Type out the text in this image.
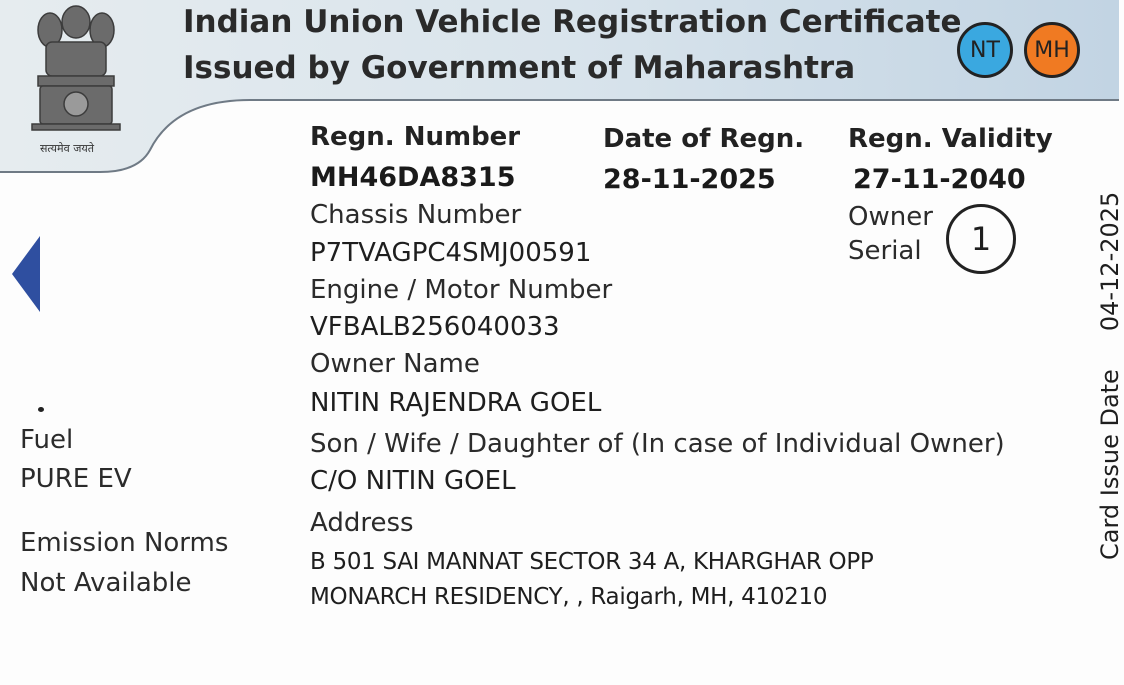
सत्यमेव जयते
Indian Union Vehicle Registration Certificate
Issued by Government of Maharashtra	NT	MH
Regn. Number
MH46DA8315
Date of Regn.
28-11-2025
Regn. Validity
27-11-2040
Owner
Serial	1
Chassis Number
P7TVAGPC4SMJ00591
Engine / Motor Number
VFBALB256040033
Owner Name
NITIN RAJENDRA GOEL
Son / Wife / Daughter of (In case of Individual Owner)
C/O NITIN GOEL
Address
B 501 SAI MANNAT SECTOR 34 A, KHARGHAR OPP
MONARCH RESIDENCY, , Raigarh, MH, 410210
Fuel
PURE EV
Emission Norms
Not Available
Card Issue Date04-12-2025
